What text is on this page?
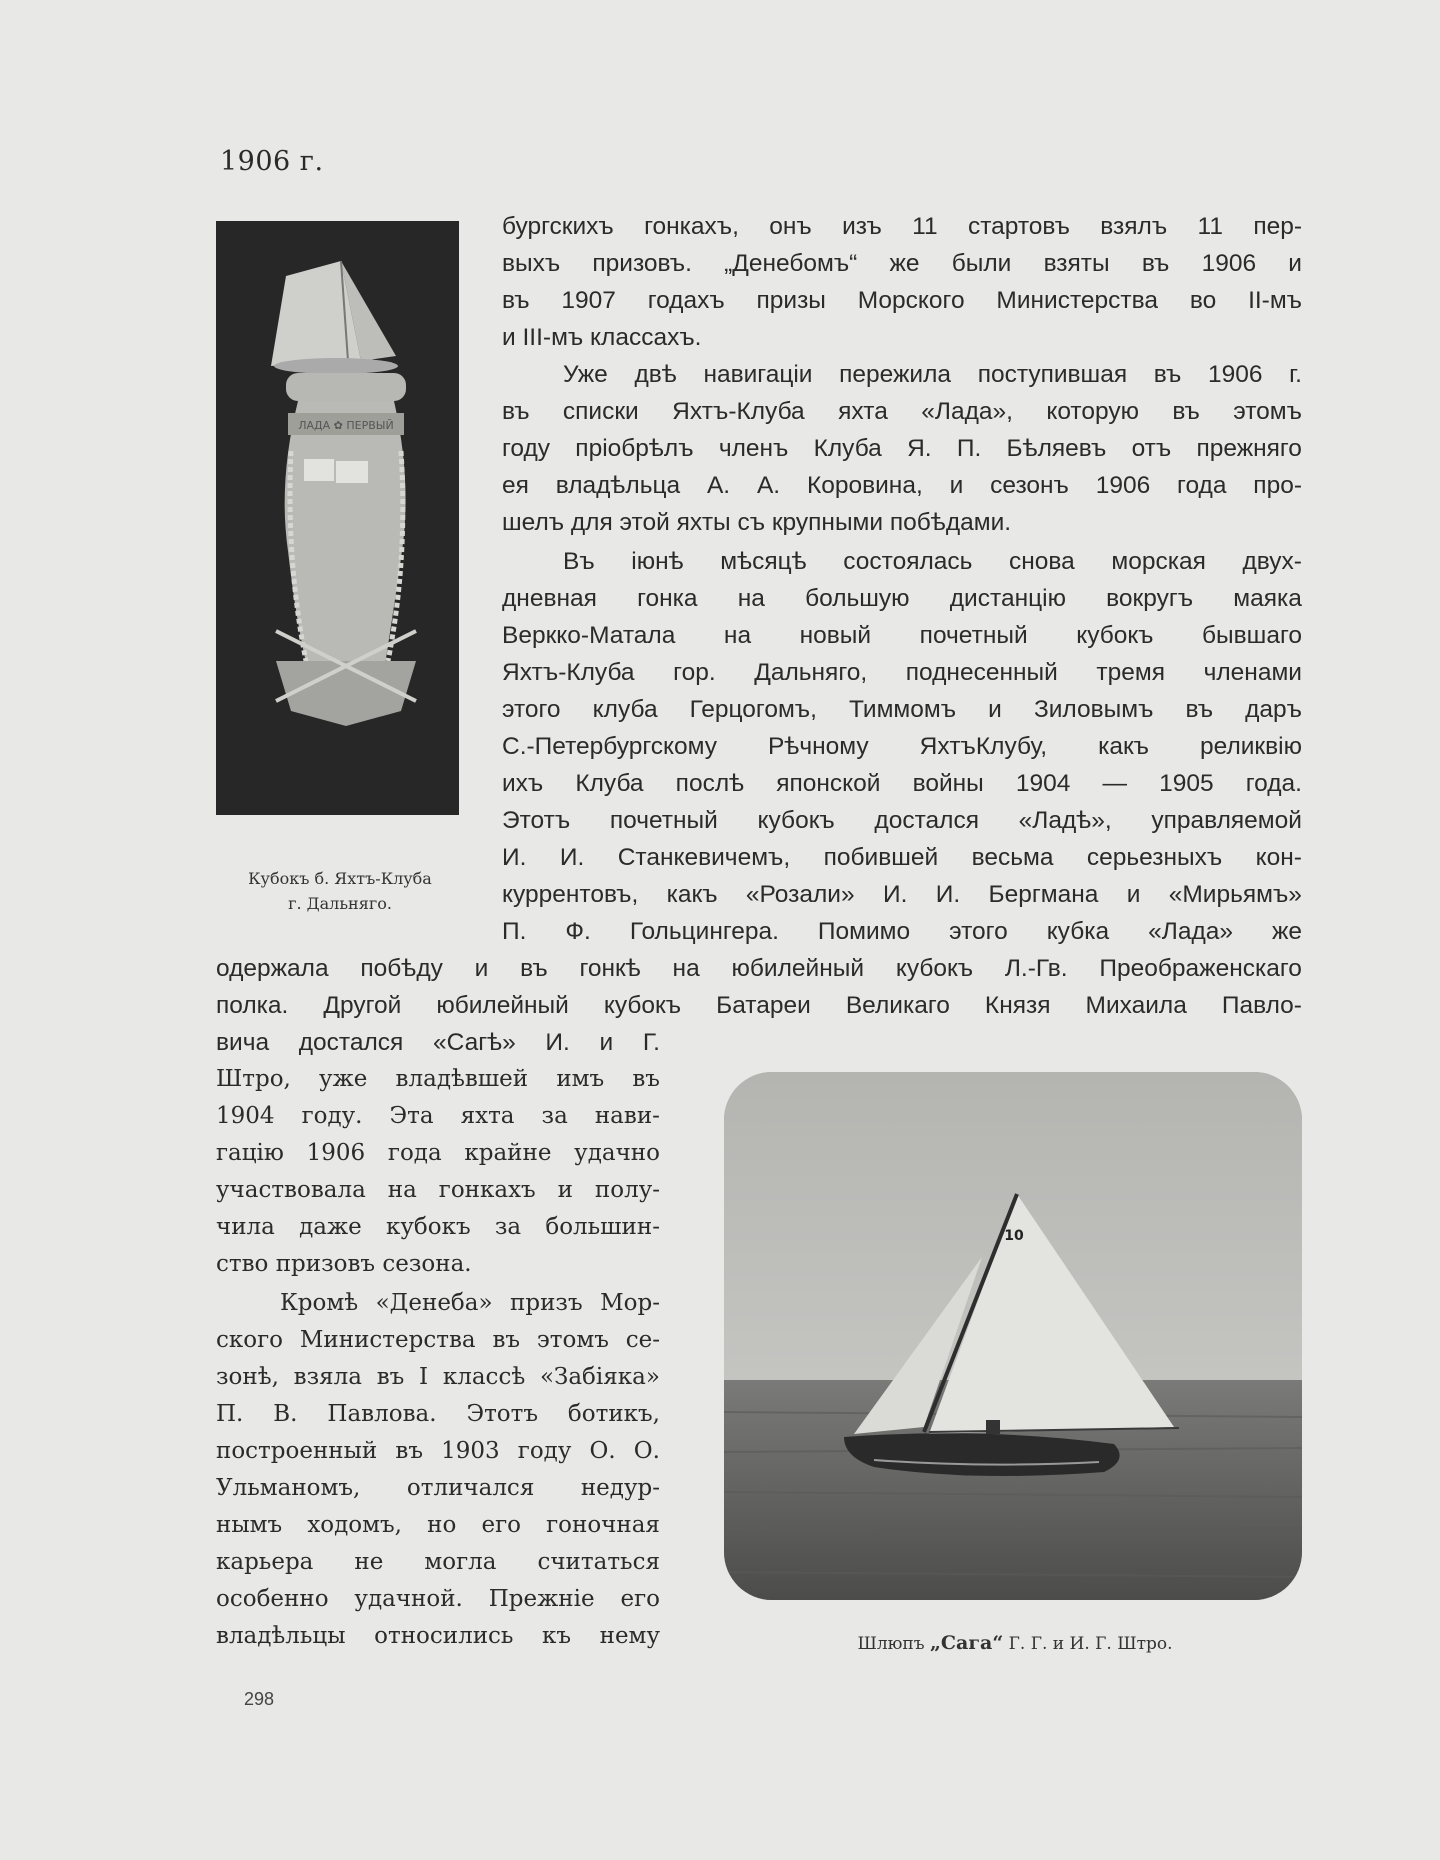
1906 г.
ЛАДА ✿ ПЕРВЫЙ
Кубокъ б. Яхтъ-Клуба
г. Дальняго.
бургскихъ гонкахъ, онъ изъ 11 стартовъ взялъ 11 пер-
выхъ призовъ. „Денебомъ“ же были взяты въ 1906 и
въ 1907 годахъ призы Морского Министерства во II-мъ
и III-мъ классахъ.
Уже двѣ навигаціи пережила поступившая въ 1906 г.
въ списки Яхтъ-Клуба яхта «Лада», которую въ этомъ
году пріобрѣлъ членъ Клуба Я. П. Бѣляевъ отъ прежняго
ея владѣльца А. А. Коровина, и сезонъ 1906 года про-
шелъ для этой яхты съ крупными побѣдами.
Въ іюнѣ мѣсяцѣ состоялась снова морская двух-
дневная гонка на большую дистанцію вокругъ маяка
Веркко-Матала на новый почетный кубокъ бывшаго
Яхтъ-Клуба гор. Дальняго, поднесенный тремя членами
этого клуба Герцогомъ, Тиммомъ и Зиловымъ въ даръ
С.-Петербургскому Рѣчному ЯхтъКлубу, какъ реликвію
ихъ Клуба послѣ японской войны 1904 — 1905 года.
Этотъ почетный кубокъ достался «Ладѣ», управляемой
И. И. Станкевичемъ, побившей весьма серьезныхъ кон-
куррентовъ, какъ «Розали» И. И. Бергмана и «Мирьямъ»
П. Ф. Гольцингера. Помимо этого кубка «Лада» же
одержала побѣду и въ гонкѣ на юбилейный кубокъ Л.-Гв. Преображенскаго
полка. Другой юбилейный кубокъ Батареи Великаго Князя Михаила Павло-
вича достался «Сагѣ» И. и Г.
Штро, уже владѣвшей имъ въ
1904 году. Эта яхта за нави-
гацію 1906 года крайне удачно
участвовала на гонкахъ и полу-
чила даже кубокъ за большин-
ство призовъ сезона.
Кромѣ «Денеба» призъ Мор-
ского Министерства въ этомъ се-
зонѣ, взяла въ I классѣ «Забіяка»
П. В. Павлова. Этотъ ботикъ,
построенный въ 1903 году О. О.
Ульманомъ, отличался недур-
нымъ ходомъ, но его гоночная
карьера не могла считаться
особенно удачной. Прежніе его
владѣльцы относились къ нему
10
Шлюпъ „Сага“ Г. Г. и И. Г. Штро.
298
